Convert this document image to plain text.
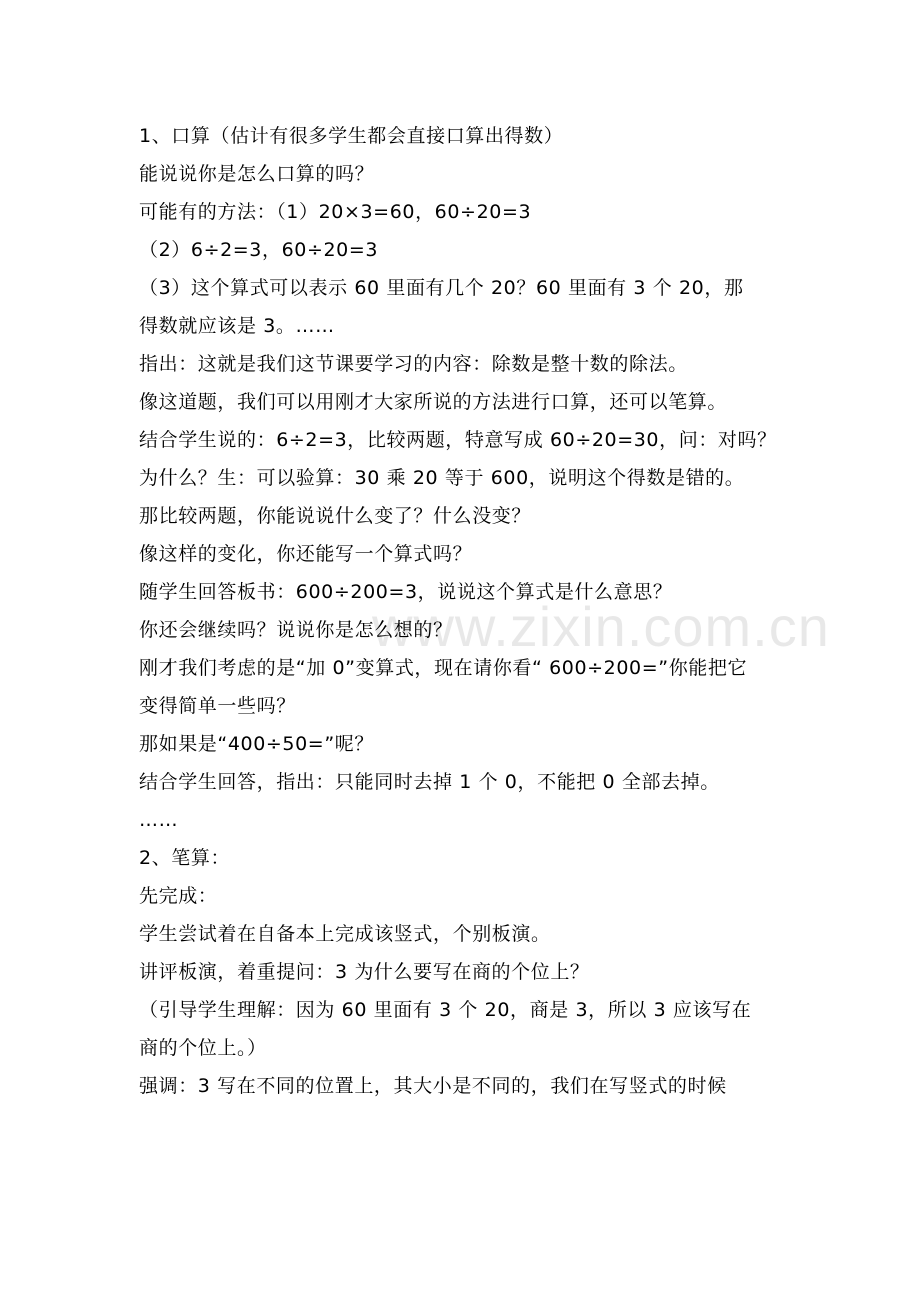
1、口算（估计有很多学生都会直接口算出得数）
能说说你是怎么口算的吗？
可能有的方法：（1）20×3=60，60÷20=3
（2）6÷2=3，60÷20=3
（3）这个算式可以表示 60 里面有几个 20？60 里面有 3 个 20，那
得数就应该是 3。……
指出：这就是我们这节课要学习的内容：除数是整十数的除法。
像这道题，我们可以用刚才大家所说的方法进行口算，还可以笔算。
结合学生说的：6÷2=3，比较两题，特意写成 60÷20=30，问：对吗？
为什么？生：可以验算：30 乘 20 等于 600，说明这个得数是错的。
那比较两题，你能说说什么变了？什么没变？
像这样的变化，你还能写一个算式吗？
随学生回答板书：600÷200=3，说说这个算式是什么意思？
你还会继续吗？说说你是怎么想的？
刚才我们考虑的是“加 0”变算式，现在请你看“ 600÷200=”你能把它
变得简单一些吗？
那如果是“400÷50=”呢？
结合学生回答，指出：只能同时去掉 1 个 0，不能把 0 全部去掉。
……
2、笔算：
先完成：
学生尝试着在自备本上完成该竖式，个别板演。
讲评板演，着重提问：3 为什么要写在商的个位上？
（引导学生理解：因为 60 里面有 3 个 20，商是 3，所以 3 应该写在
商的个位上。）
强调：3 写在不同的位置上，其大小是不同的，我们在写竖式的时候
www.zixin.com.cn
